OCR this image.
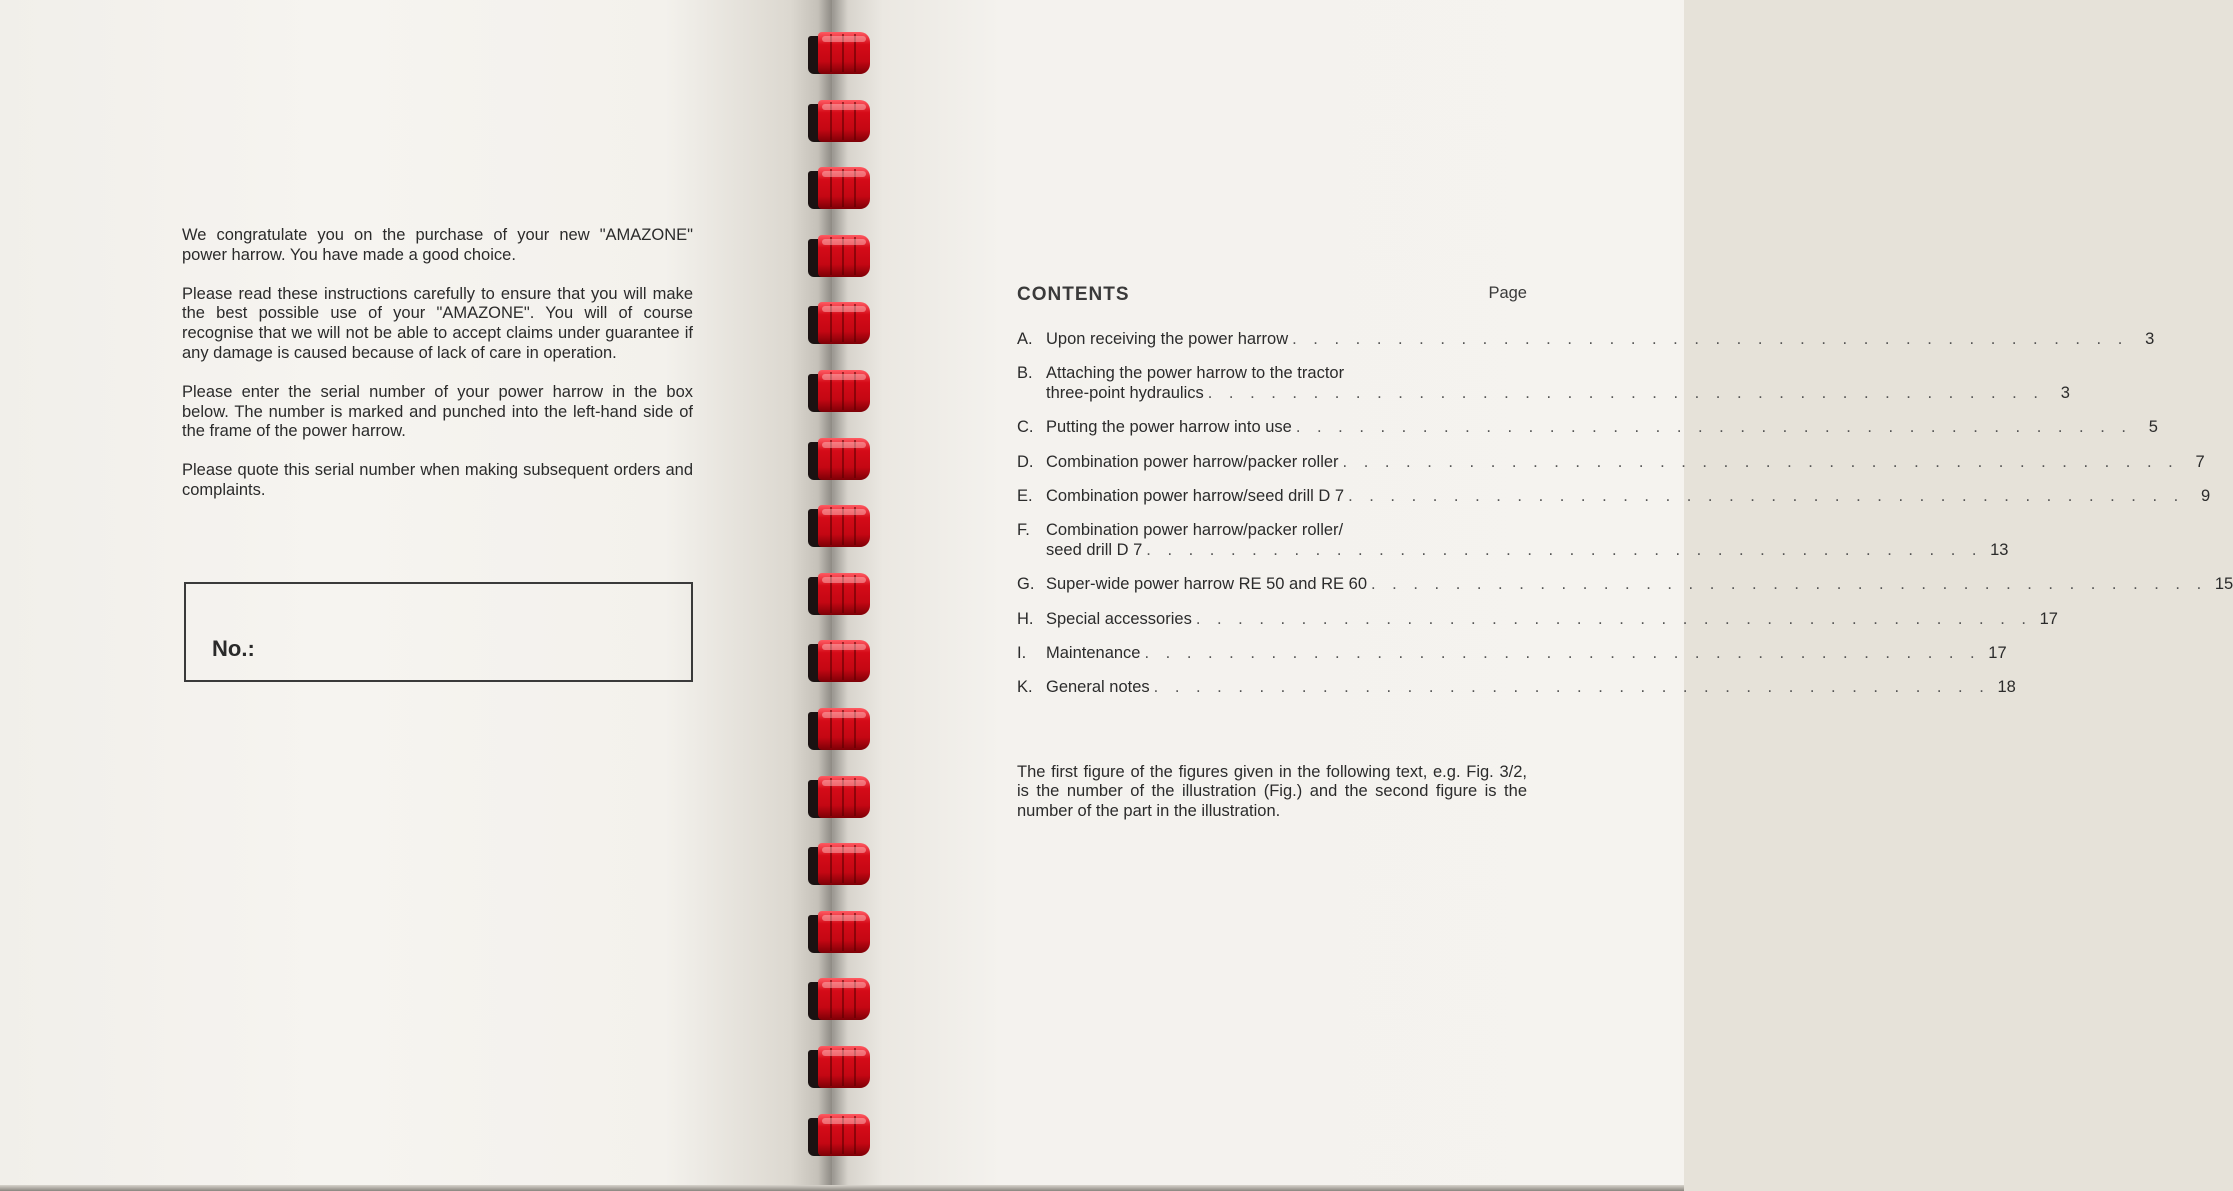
We congratulate you on the purchase of your new "AMAZONE" power harrow. You have made a good choice.

Please read these instructions carefully to ensure that you will make the best possible use of your "AMAZONE". You will of course recognise that we will not be able to accept claims under guarantee if any damage is caused because of lack of care in operation.

Please enter the serial number of your power harrow in the box below. The number is marked and punched into the left-hand side of the frame of the power harrow.

Please quote this serial number when making subsequent orders and complaints.

No.:
CONTENTS	Page
A. Upon receiving the power harrow . . .	3
B. Attaching the power harrow to the tractor
three-point hydraulics . . .	3
C. Putting the power harrow into use . . .	5
D. Combination power harrow/packer roller . . .	7
E. Combination power harrow/seed drill D 7 . . .	9
F. Combination power harrow/packer roller/
seed drill D 7 . . .	13
G. Super-wide power harrow RE 50 and RE 60 . . .	15
H. Special accessories . . .	17
I.	Maintenance . . .	17
K. General notes . . .	18

The first figure of the figures given in the following text, e.g. Fig. 3/2, is the number of the illustration (Fig.) and the second figure is the number of the part in the illustration.
